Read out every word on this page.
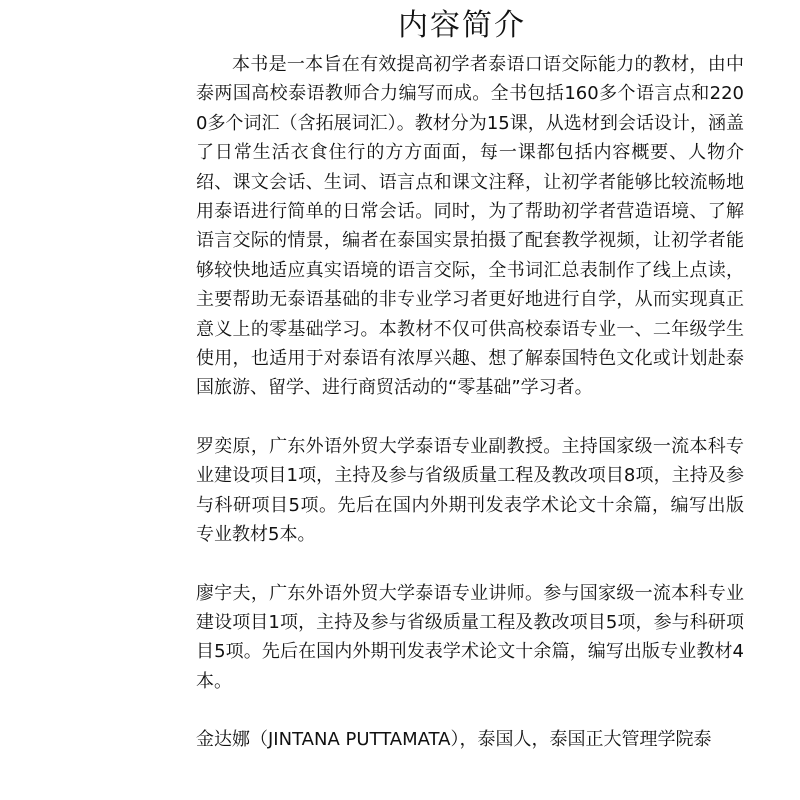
内容简介

本书是一本旨在有效提高初学者泰语口语交际能力的教材，由中泰两国高校泰语教师合力编写而成。全书包括160多个语言点和2200多个词汇（含拓展词汇）。教材分为15课，从选材到会话设计，涵盖了日常生活衣食住行的方方面面，每一课都包括内容概要、人物介绍、课文会话、生词、语言点和课文注释，让初学者能够比较流畅地用泰语进行简单的日常会话。同时，为了帮助初学者营造语境、了解语言交际的情景，编者在泰国实景拍摄了配套教学视频，让初学者能够较快地适应真实语境的语言交际，全书词汇总表制作了线上点读，主要帮助无泰语基础的非专业学习者更好地进行自学，从而实现真正意义上的零基础学习。本教材不仅可供高校泰语专业一、二年级学生使用，也适用于对泰语有浓厚兴趣、想了解泰国特色文化或计划赴泰国旅游、留学、进行商贸活动的“零基础”学习者。

罗奕原，广东外语外贸大学泰语专业副教授。主持国家级一流本科专业建设项目1项，主持及参与省级质量工程及教改项目8项，主持及参与科研项目5项。先后在国内外期刊发表学术论文十余篇，编写出版专业教材5本。

廖宇夫，广东外语外贸大学泰语专业讲师。参与国家级一流本科专业建设项目1项，主持及参与省级质量工程及教改项目5项，参与科研项目5项。先后在国内外期刊发表学术论文十余篇，编写出版专业教材4本。

金达娜（JINTANA PUTTAMATA），泰国人，泰国正大管理学院泰
